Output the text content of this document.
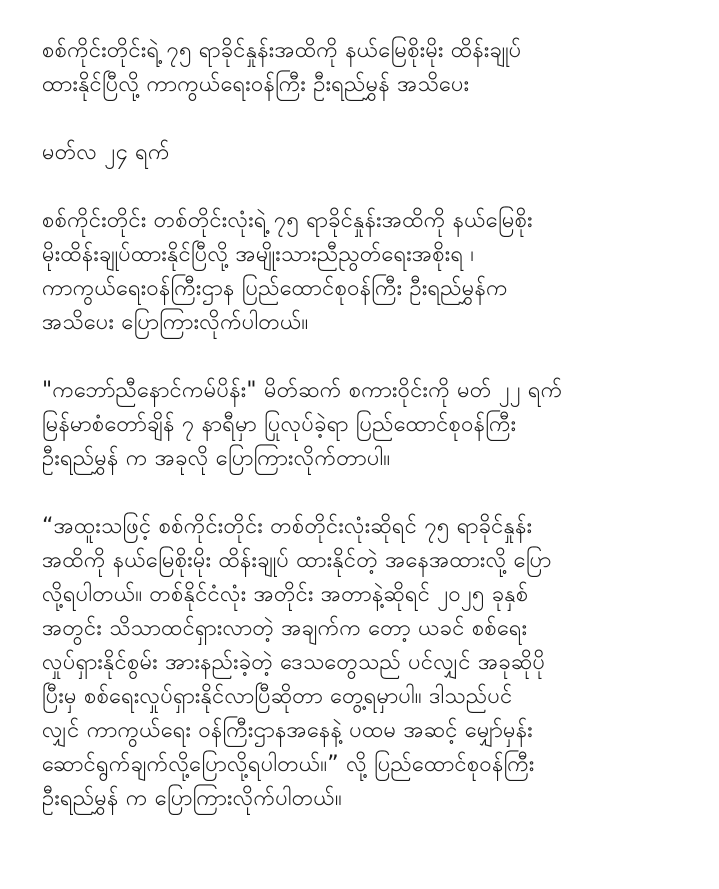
စစ်ကိုင်းတိုင်းရဲ့ ၇၅ ရာခိုင်နှုန်းအထိကို နယ်မြေစိုးမိုး ထိန်းချုပ်
ထားနိုင်ပြီလို့ ကာကွယ်ရေးဝန်ကြီး ဦးရည်မွှန် အသိပေး

မတ်လ ၂၄ ရက်

စစ်ကိုင်းတိုင်း တစ်တိုင်းလုံးရဲ့ ၇၅ ရာခိုင်နှုန်းအထိကို နယ်မြေစိုး
မိုးထိန်းချုပ်ထားနိုင်ပြီလို့ အမျိုးသားညီညွတ်ရေးအစိုးရ ၊
ကာကွယ်ရေးဝန်ကြီးဌာန ပြည်ထောင်စုဝန်ကြီး ဦးရည်မွှန်က
အသိပေး ပြောကြားလိုက်ပါတယ်။

"ကဘော်ညီနောင်ကမ်ပိန်း" မိတ်ဆက် စကားဝိုင်းကို မတ် ၂၂ ရက်
မြန်မာစံတော်ချိန် ၇ နာရီမှာ ပြုလုပ်ခဲ့ရာ ပြည်ထောင်စုဝန်ကြီး
ဦးရည်မွှန် က အခုလို ပြောကြားလိုက်တာပါ။

“အထူးသဖြင့် စစ်ကိုင်းတိုင်း တစ်တိုင်းလုံးဆိုရင် ၇၅ ရာခိုင်နှုန်း
အထိကို နယ်မြေစိုးမိုး ထိန်းချုပ် ထားနိုင်တဲ့ အနေအထားလို့ ပြော
လို့ရပါတယ်။ တစ်နိုင်ငံလုံး အတိုင်း အတာနဲ့ဆိုရင် ၂၀၂၅ ခုနှစ်
အတွင်း သိသာထင်ရှားလာတဲ့ အချက်က တော့ ယခင် စစ်ရေး
လှုပ်ရှားနိုင်စွမ်း အားနည်းခဲ့တဲ့ ဒေသတွေသည် ပင်လျှင် အခုဆိုပို
ပြီးမှ စစ်ရေးလှုပ်ရှားနိုင်လာပြီဆိုတာ တွေ့ရမှာပါ။ ဒါသည်ပင်
လျှင် ကာကွယ်ရေး ဝန်ကြီးဌာနအနေနဲ့ ပထမ အဆင့် မျှော်မှန်း
ဆောင်ရွက်ချက်လို့ပြောလို့ရပါတယ်။” လို့ ပြည်ထောင်စုဝန်ကြီး
ဦးရည်မွှန် က ပြောကြားလိုက်ပါတယ်။
